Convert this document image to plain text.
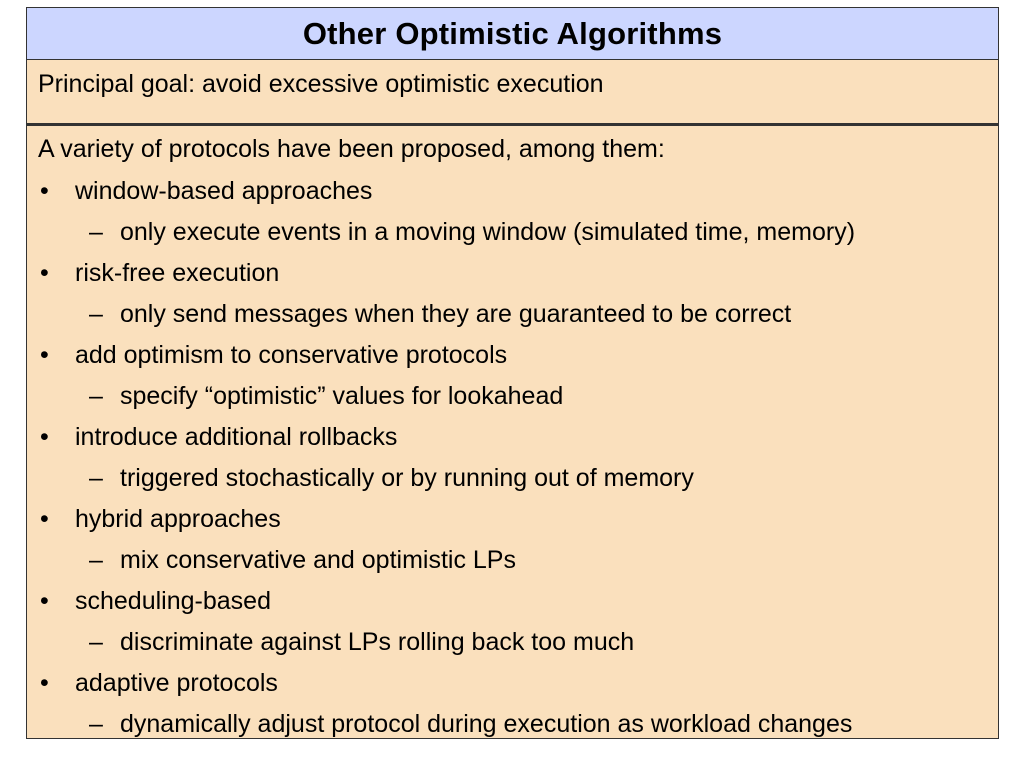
Other Optimistic Algorithms
Principal goal: avoid excessive optimistic execution
A variety of protocols have been proposed, among them:
•	window-based approaches
– only execute events in a moving window (simulated time, memory)
•	risk-free execution
– only send messages when they are guaranteed to be correct
•	add optimism to conservative protocols
– specify “optimistic” values for lookahead
•	introduce additional rollbacks
– triggered stochastically or by running out of memory
•	hybrid approaches
– mix conservative and optimistic LPs
•	scheduling-based
– discriminate against LPs rolling back too much
•	adaptive protocols
– dynamically adjust protocol during execution as workload changes
